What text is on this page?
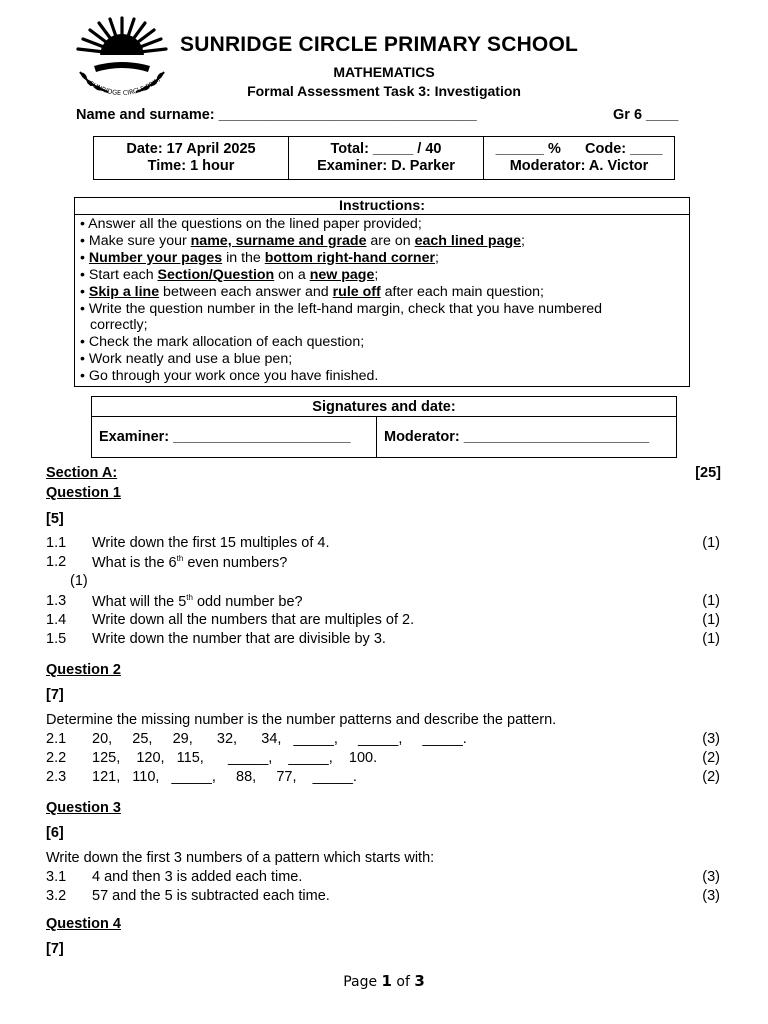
SUNRIDGE CIRCLE PRIM
SUNRIDGE CIRCLE PRIMARY SCHOOL
MATHEMATICS
Formal Assessment Task 3: Investigation
Name and surname: ________________________________	Gr 6 ____
Date: 17 April 2025
Time: 1 hour

Total: _____ / 40
Examiner: D. Parker

______ %      Code: ____
Moderator: A. Victor
Instructions:
• Answer all the questions on the lined paper provided;
• Make sure your name, surname and grade are on each lined page;
• Number your pages in the bottom right-hand corner;
• Start each Section/Question on a new page;
• Skip a line between each answer and rule off after each main question;
• Write the question number in the left-hand margin, check that you have numbered
correctly;
• Check the mark allocation of each question;
• Work neatly and use a blue pen;
• Go through your work once you have finished.
Signatures and date:
Examiner: ______________________	Moderator: _______________________
Section A:	[25]
Question 1
[5]
1.1 Write down the first 15 multiples of 4.	(1)
1.2 What is the 6th even numbers?
(1)
1.3 What will the 5th odd number be?	(1)
1.4 Write down all the numbers that are multiples of 2.	(1)
1.5 Write down the number that are divisible by 3.	(1)
Question 2
[7]
Determine the missing number is the number patterns and describe the pattern.
2.1 20,     25,     29,      32,      34,   _____,     _____,     _____.	(3)
2.2 125,    120,   115,      _____,    _____,    100.	(2)
2.3 121,   110,   _____,     88,     77,    _____.	(2)
Question 3
[6]
Write down the first 3 numbers of a pattern which starts with:
3.1 4 and then 3 is added each time.	(3)
3.2 57 and the 5 is subtracted each time.	(3)
Question 4
[7]
Page 1 of 3
